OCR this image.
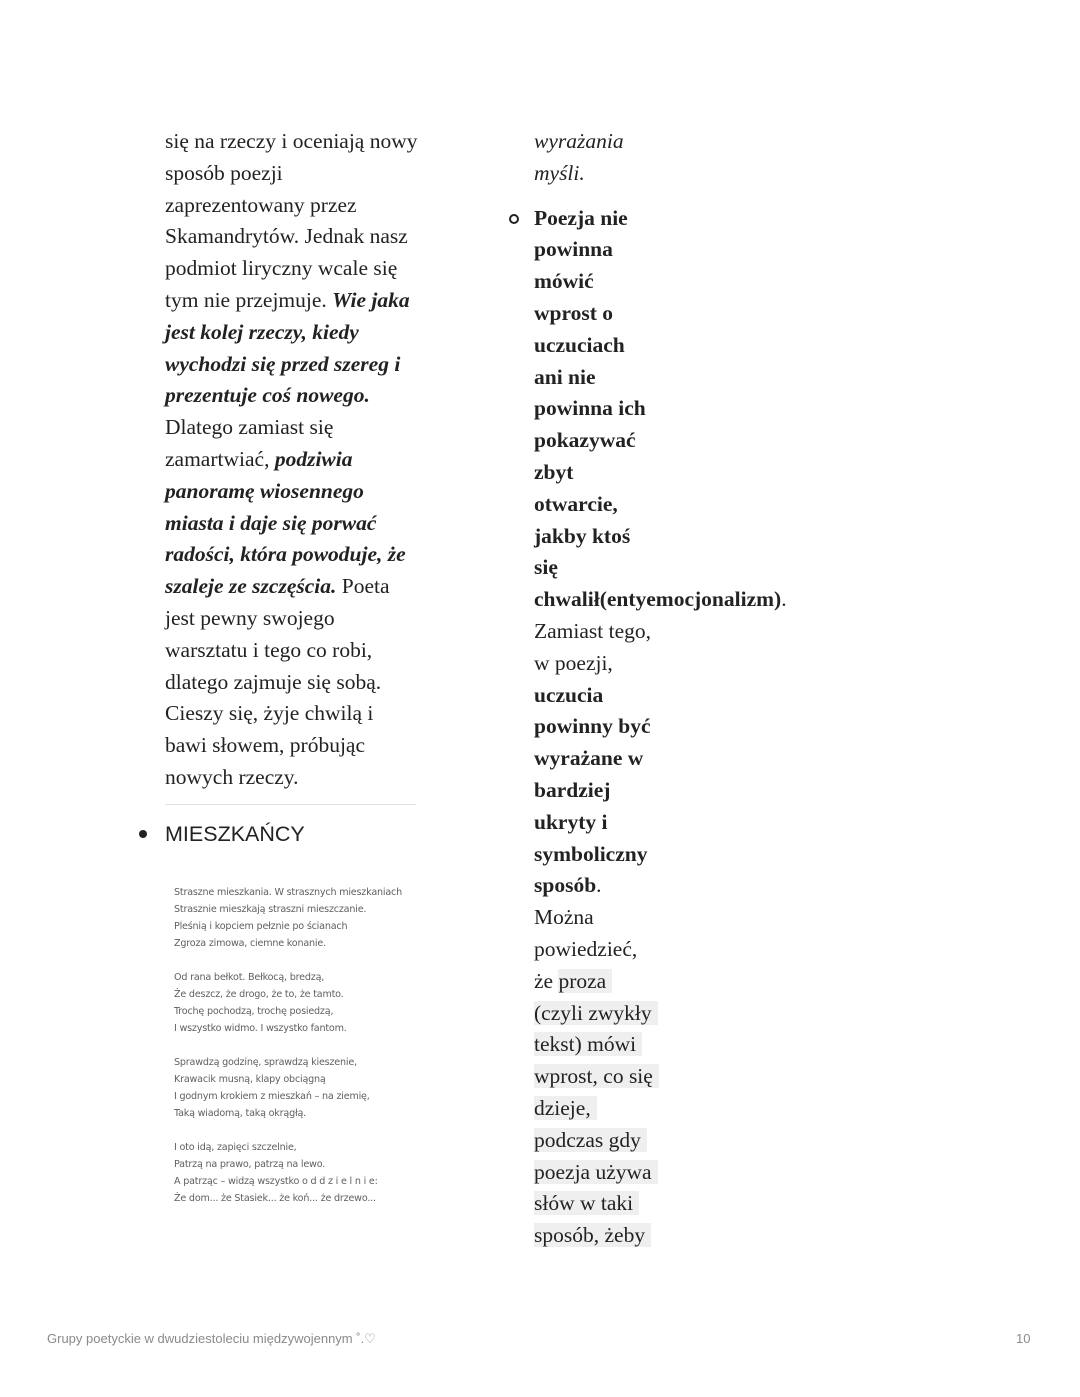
się na rzeczy i oceniają nowy
sposób poezji
zaprezentowany przez
Skamandrytów. Jednak nasz
podmiot liryczny wcale się
tym nie przejmuje. Wie jaka
jest kolej rzeczy, kiedy
wychodzi się przed szereg i
prezentuje coś nowego.
Dlatego zamiast się
zamartwiać, podziwia
panoramę wiosennego
miasta i daje się porwać
radości, która powoduje, że
szaleje ze szczęścia. Poeta
jest pewny swojego
warsztatu i tego co robi,
dlatego zajmuje się sobą.
Cieszy się, żyje chwilą i
bawi słowem, próbując
nowych rzeczy.
MIESZKAŃCY
Straszne mieszkania. W strasznych mieszkaniach
Strasznie mieszkają straszni mieszczanie.
Pleśnią i kopciem pełznie po ścianach
Zgroza zimowa, ciemne konanie.
Od rana bełkot. Bełkocą, bredzą,
Że deszcz, że drogo, że to, że tamto.
Trochę pochodzą, trochę posiedzą,
I wszystko widmo. I wszystko fantom.
Sprawdzą godzinę, sprawdzą kieszenie,
Krawacik musną, klapy obciągną
I godnym krokiem z mieszkań – na ziemię,
Taką wiadomą, taką okrągłą.
I oto idą, zapięci szczelnie,
Patrzą na prawo, patrzą na lewo.
A patrząc – widzą wszystko o d d z i e l n i e:
Że dom... że Stasiek... że koń... że drzewo...
wyrażania
myśli.
Poezja nie
powinna
mówić
wprost o
uczuciach
ani nie
powinna ich
pokazywać
zbyt
otwarcie,
jakby ktoś
się
chwalił(entyemocjonalizm).
Zamiast tego,
w poezji,
uczucia
powinny być
wyrażane w
bardziej
ukryty i
symboliczny
sposób.
Można
powiedzieć,
że proza
(czyli zwykły
tekst) mówi
wprost, co się
dzieje,
podczas gdy
poezja używa
słów w taki
sposób, żeby
Grupy poetyckie w dwudziestoleciu międzywojennym ˚.♡	10
